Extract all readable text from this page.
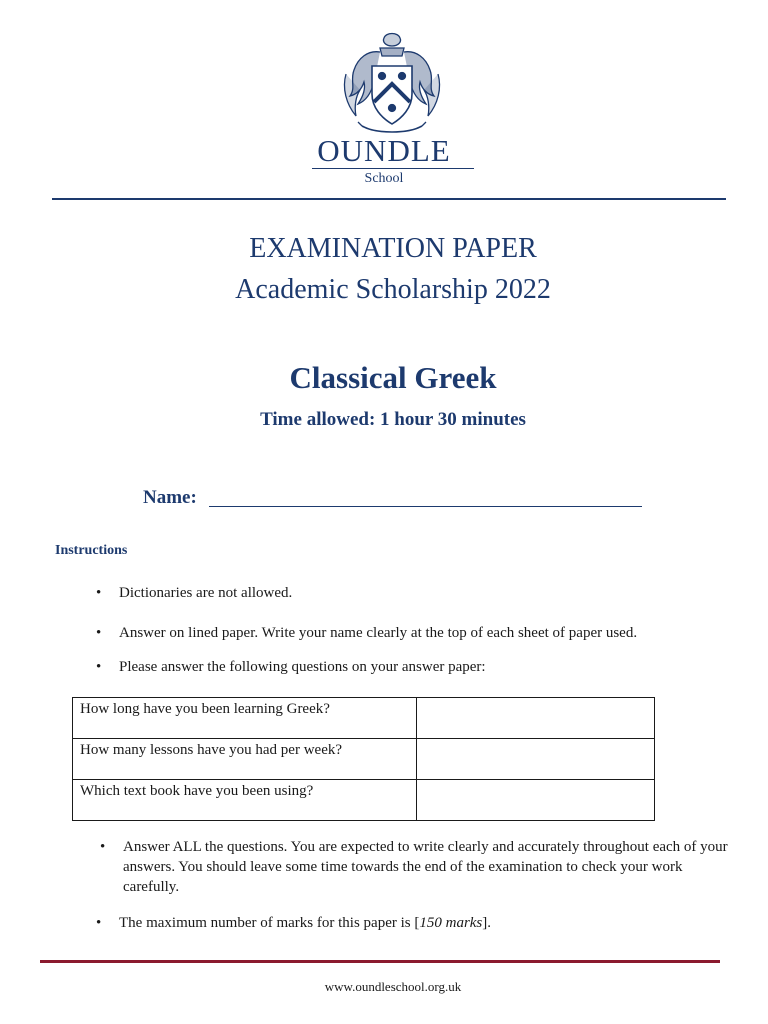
OUNDLE
School
EXAMINATION PAPER
Academic Scholarship 2022
Classical Greek
Time allowed: 1 hour 30 minutes
Name:
Instructions
• Dictionaries are not allowed.
• Answer on lined paper. Write your name clearly at the top of each sheet of paper used.
• Please answer the following questions on your answer paper:
How long have you been learning Greek?	
How many lessons have you had per week?	
Which text book have you been using?	
• Answer ALL the questions. You are expected to write clearly and accurately throughout each of your answers. You should leave some time towards the end of the examination to check your work carefully.
• The maximum number of marks for this paper is [150 marks].
www.oundleschool.org.uk
